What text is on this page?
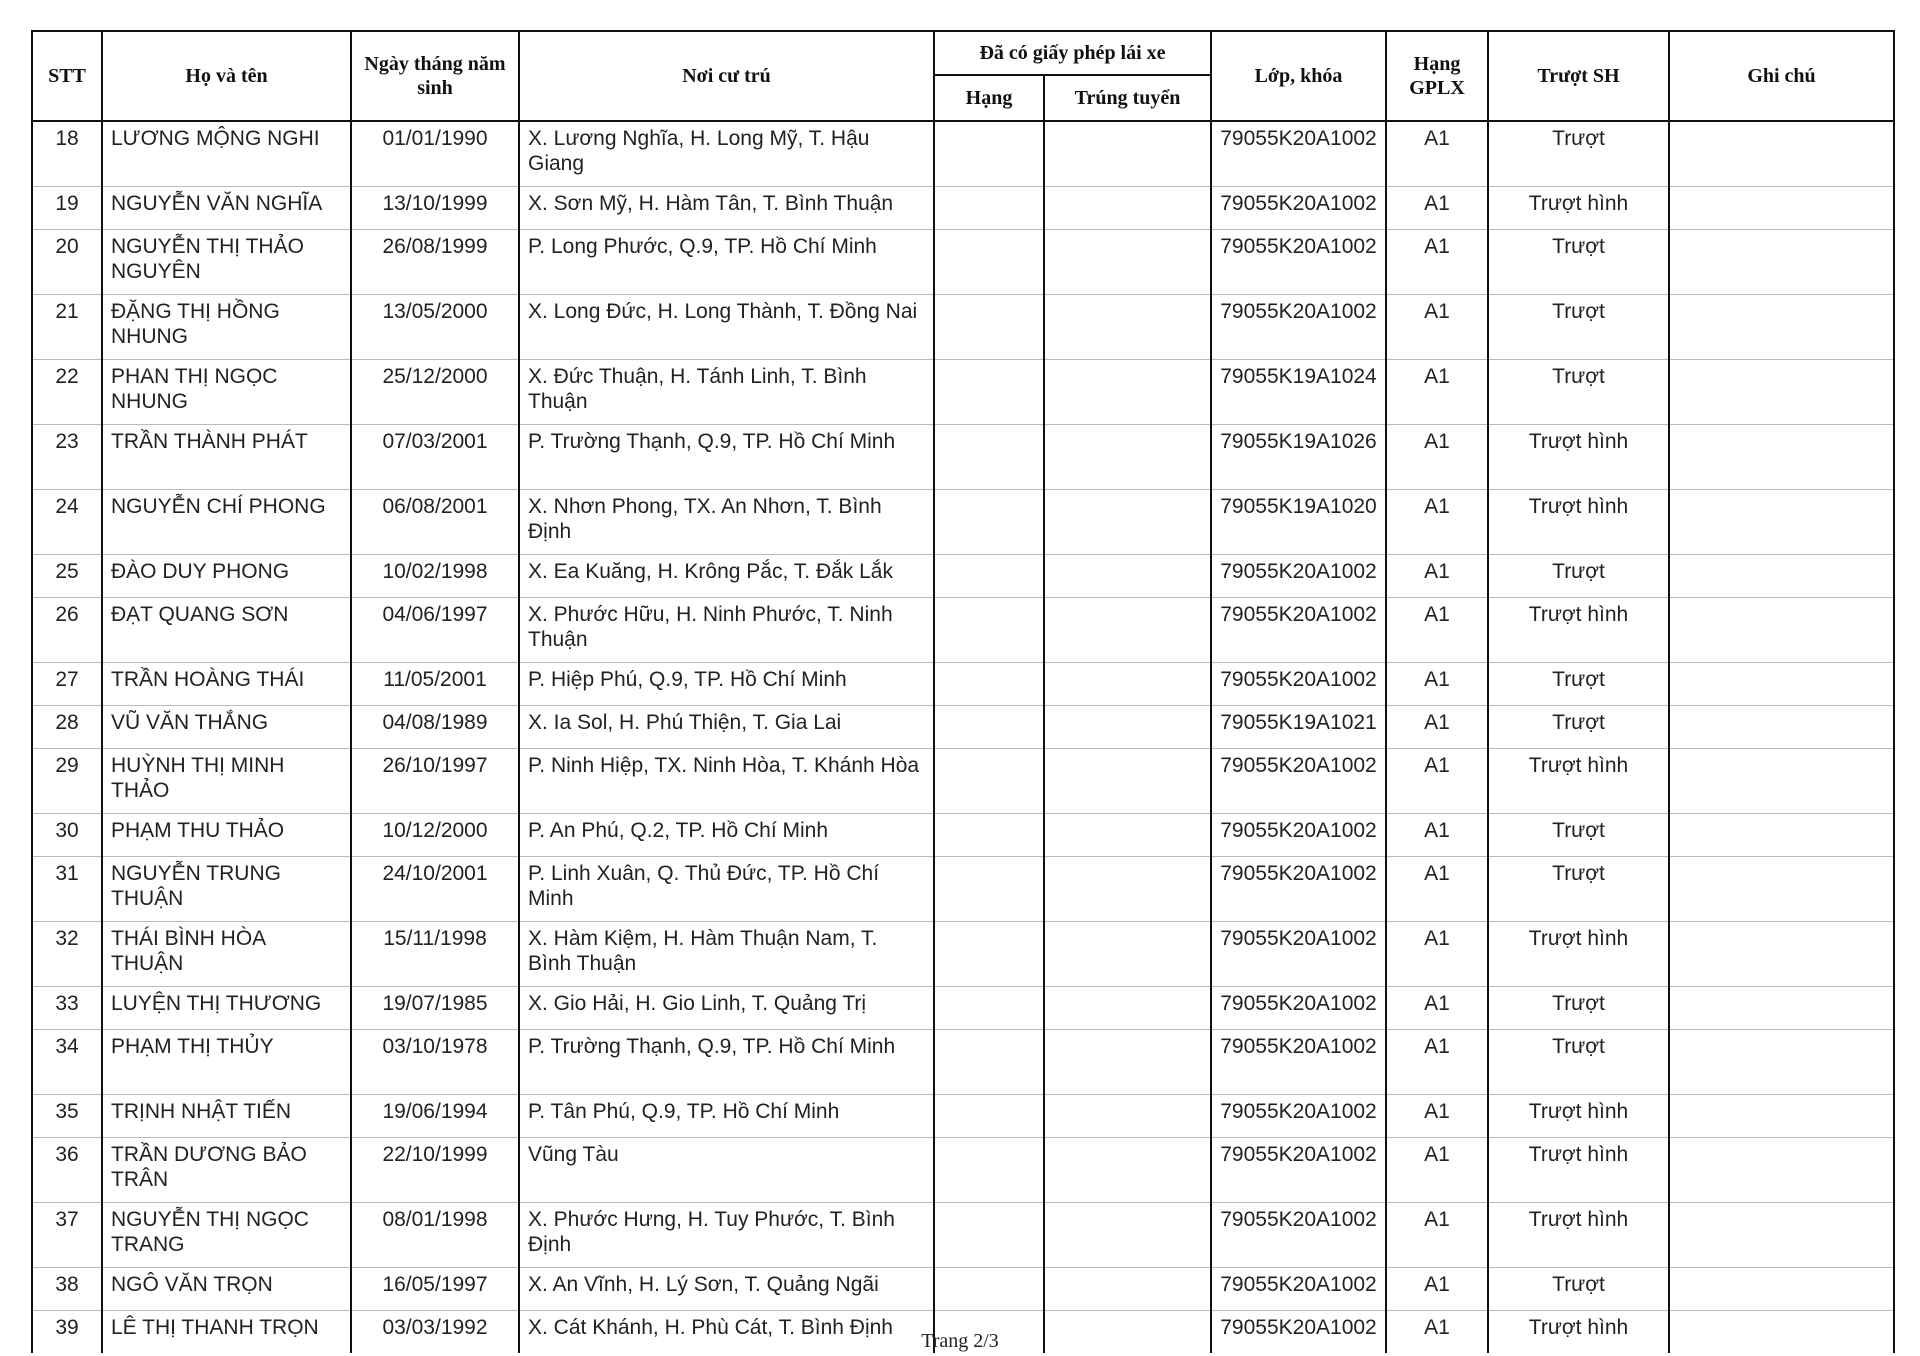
STT	Họ và tên	Ngày tháng năm sinh	Nơi cư trú	Đã có giấy phép lái xe		Lớp, khóa	Hạng GPLX	Trượt SH	Ghi chú
				Hạng	Trúng tuyển				
18	LƯƠNG MỘNG NGHI	01/01/1990	X. Lương Nghĩa, H. Long Mỹ, T. Hậu Giang			79055K20A1002	A1	Trượt	
19	NGUYỄN VĂN NGHĨA	13/10/1999	X. Sơn Mỹ, H. Hàm Tân, T. Bình Thuận			79055K20A1002	A1	Trượt hình	
20	NGUYỄN THỊ THẢO NGUYÊN	26/08/1999	P. Long Phước, Q.9, TP. Hồ Chí Minh			79055K20A1002	A1	Trượt	
21	ĐẶNG THỊ HỒNG NHUNG	13/05/2000	X. Long Đức, H. Long Thành, T. Đồng Nai			79055K20A1002	A1	Trượt	
22	PHAN THỊ NGỌC NHUNG	25/12/2000	X. Đức Thuận, H. Tánh Linh, T. Bình Thuận			79055K19A1024	A1	Trượt	
23	TRẦN THÀNH PHÁT	07/03/2001	P. Trường Thạnh, Q.9, TP. Hồ Chí Minh			79055K19A1026	A1	Trượt hình	
24	NGUYỄN CHÍ PHONG	06/08/2001	X. Nhơn Phong, TX. An Nhơn, T. Bình Định			79055K19A1020	A1	Trượt hình	
25	ĐÀO DUY PHONG	10/02/1998	X. Ea Kuăng, H. Krông Pắc, T. Đắk Lắk			79055K20A1002	A1	Trượt	
26	ĐẠT QUANG SƠN	04/06/1997	X. Phước Hữu, H. Ninh Phước, T. Ninh Thuận			79055K20A1002	A1	Trượt hình	
27	TRẦN HOÀNG THÁI	11/05/2001	P. Hiệp Phú, Q.9, TP. Hồ Chí Minh			79055K20A1002	A1	Trượt	
28	VŨ VĂN THẮNG	04/08/1989	X. Ia Sol, H. Phú Thiện, T. Gia Lai			79055K19A1021	A1	Trượt	
29	HUỲNH THỊ MINH THẢO	26/10/1997	P. Ninh Hiệp, TX. Ninh Hòa, T. Khánh Hòa			79055K20A1002	A1	Trượt hình	
30	PHẠM THU THẢO	10/12/2000	P. An Phú, Q.2, TP. Hồ Chí Minh			79055K20A1002	A1	Trượt	
31	NGUYỄN TRUNG THUẬN	24/10/2001	P. Linh Xuân, Q. Thủ Đức, TP. Hồ Chí Minh			79055K20A1002	A1	Trượt	
32	THÁI BÌNH HÒA THUẬN	15/11/1998	X. Hàm Kiệm, H. Hàm Thuận Nam, T. Bình Thuận			79055K20A1002	A1	Trượt hình	
33	LUYỆN THỊ THƯƠNG	19/07/1985	X. Gio Hải, H. Gio Linh, T. Quảng Trị			79055K20A1002	A1	Trượt	
34	PHẠM THỊ THỦY	03/10/1978	P. Trường Thạnh, Q.9, TP. Hồ Chí Minh			79055K20A1002	A1	Trượt	
35	TRỊNH NHẬT TIẾN	19/06/1994	P. Tân Phú, Q.9, TP. Hồ Chí Minh			79055K20A1002	A1	Trượt hình	
36	TRẦN DƯƠNG BẢO TRÂN	22/10/1999	Vũng Tàu			79055K20A1002	A1	Trượt hình	
37	NGUYỄN THỊ NGỌC TRANG	08/01/1998	X. Phước Hưng, H. Tuy Phước, T. Bình Định			79055K20A1002	A1	Trượt hình	
38	NGÔ VĂN TRỌN	16/05/1997	X. An Vĩnh, H. Lý Sơn, T. Quảng Ngãi			79055K20A1002	A1	Trượt	
39	LÊ THỊ THANH TRỌN	03/03/1992	X. Cát Khánh, H. Phù Cát, T. Bình Định			79055K20A1002	A1	Trượt hình	
Trang 2/3
